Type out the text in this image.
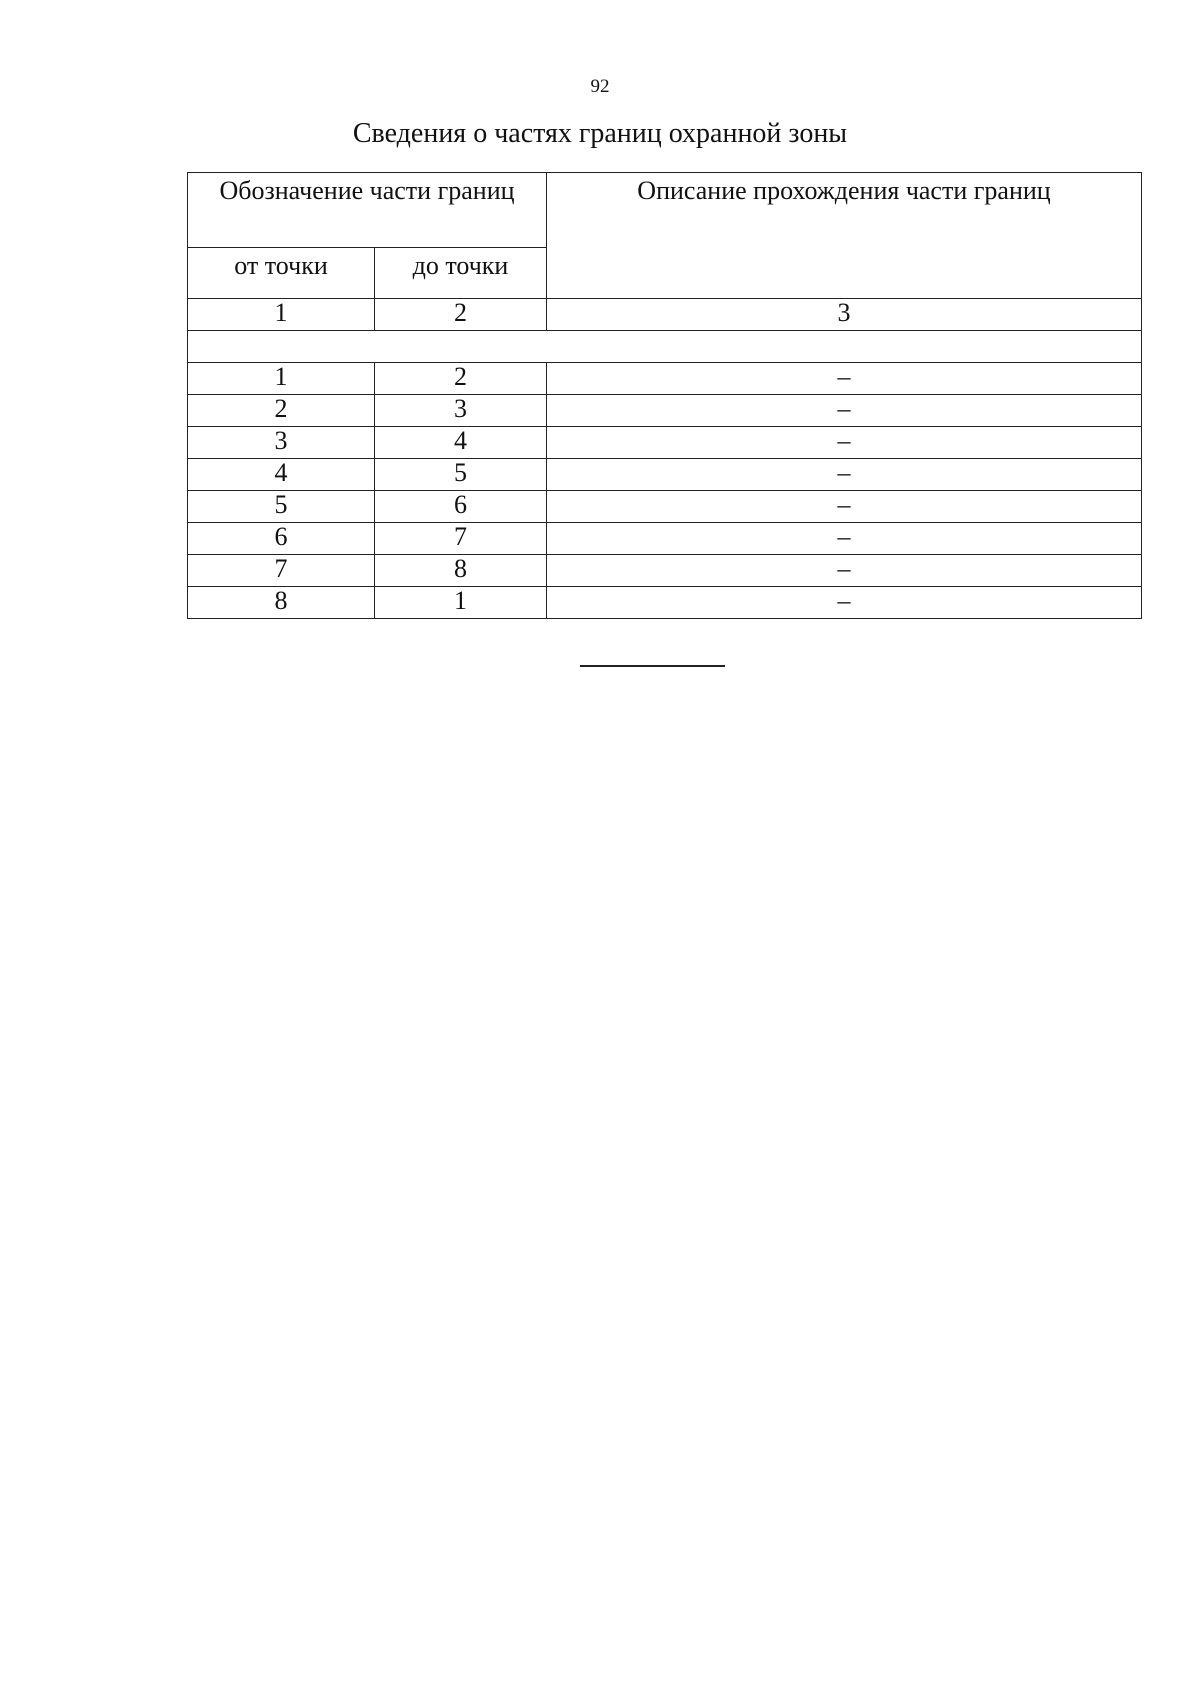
92
Сведения о частях границ охранной зоны
Обозначение части границ		Описание прохождения части границ
от точки	до точки	
1	2	3

1	2	–
2	3	–
3	4	–
4	5	–
5	6	–
6	7	–
7	8	–
8	1	–
